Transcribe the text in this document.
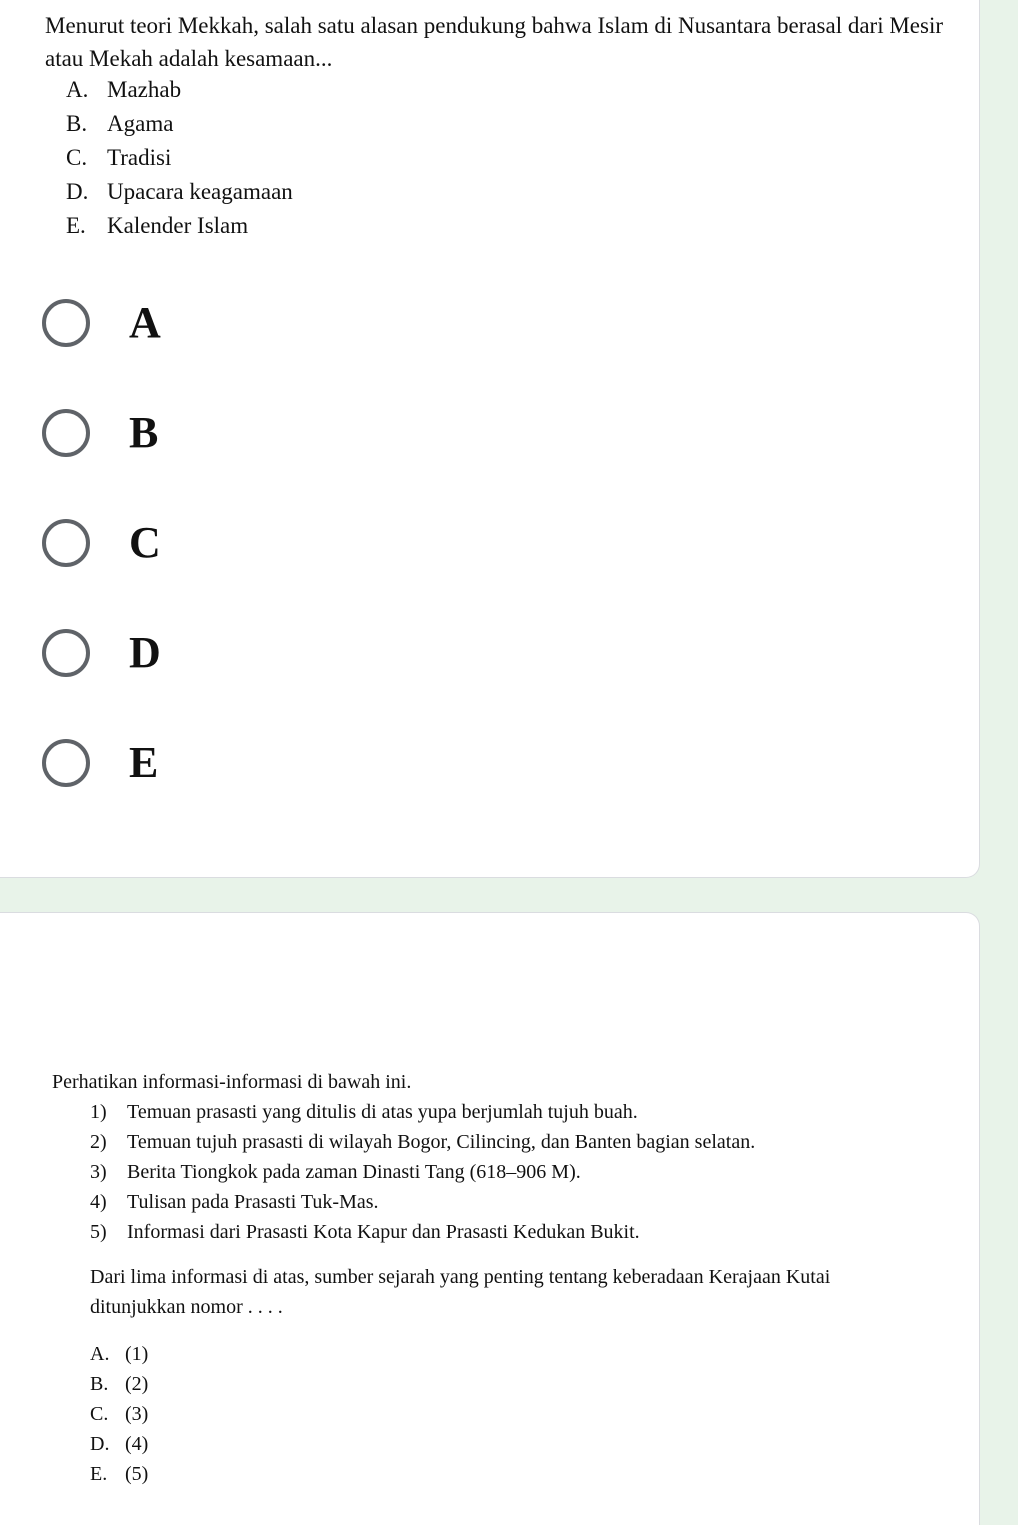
Menurut teori Mekkah, salah satu alasan pendukung bahwa Islam di Nusantara berasal dari Mesir atau Mekah adalah kesamaan...
A. Mazhab
B. Agama
C. Tradisi
D. Upacara keagamaan
E. Kalender Islam
A
B
C
D
E
Perhatikan informasi-informasi di bawah ini.
1) Temuan prasasti yang ditulis di atas yupa berjumlah tujuh buah.
2) Temuan tujuh prasasti di wilayah Bogor, Cilincing, dan Banten bagian selatan.
3) Berita Tiongkok pada zaman Dinasti Tang (618–906 M).
4) Tulisan pada Prasasti Tuk-Mas.
5) Informasi dari Prasasti Kota Kapur dan Prasasti Kedukan Bukit.
Dari lima informasi di atas, sumber sejarah yang penting tentang keberadaan Kerajaan Kutai ditunjukkan nomor . . . .
A. (1)
B. (2)
C. (3)
D. (4)
E. (5)
